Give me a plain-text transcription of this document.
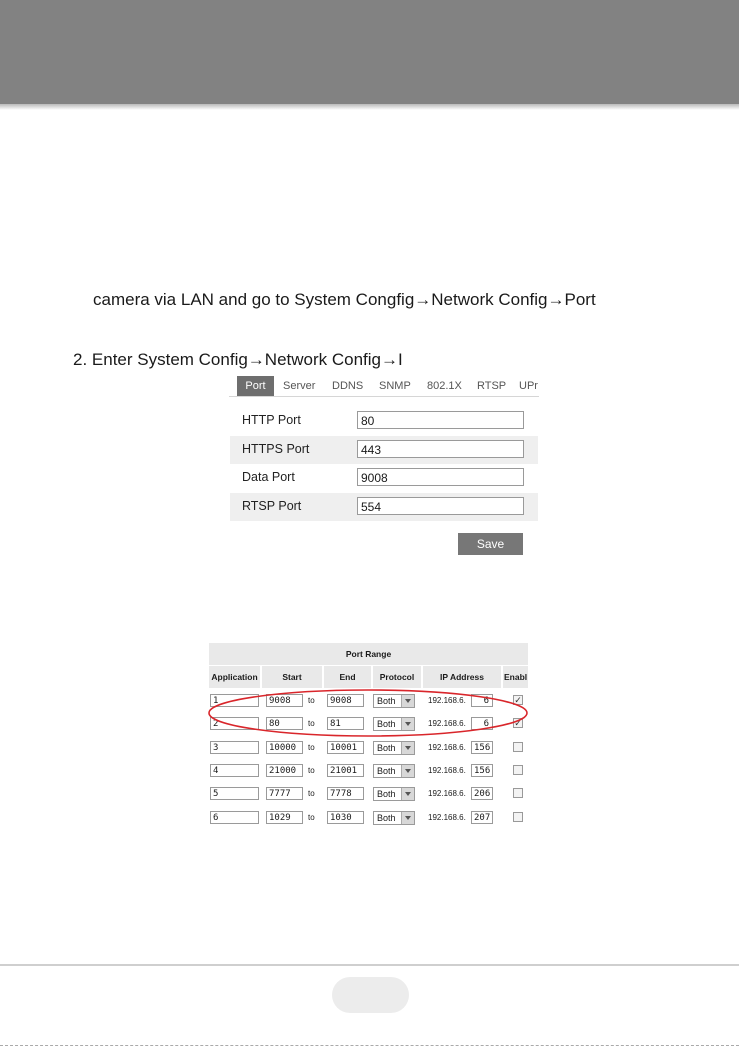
camera via LAN and go to System Congfig→Network Config→Port
2. Enter System Config→Network Config→I
Port	Server DDNS SNMP 802.1X RTSP UPr
HTTP Port	80
HTTPS Port	443
Data Port	9008
RTSP Port	554
Save
Port Range
Application	Start	End	Protocol	IP Address	Enabl
1	9008	to	9008	Both	192.168.6.	6	✓
2	80	to	81	Both	192.168.6.	6	✓
3	10000	to	10001	Both	192.168.6. 156
4	21000	to	21001	Both	192.168.6. 156
5	7777	to	7778	Both	192.168.6. 206
6	1029	to	1030	Both	192.168.6. 207
